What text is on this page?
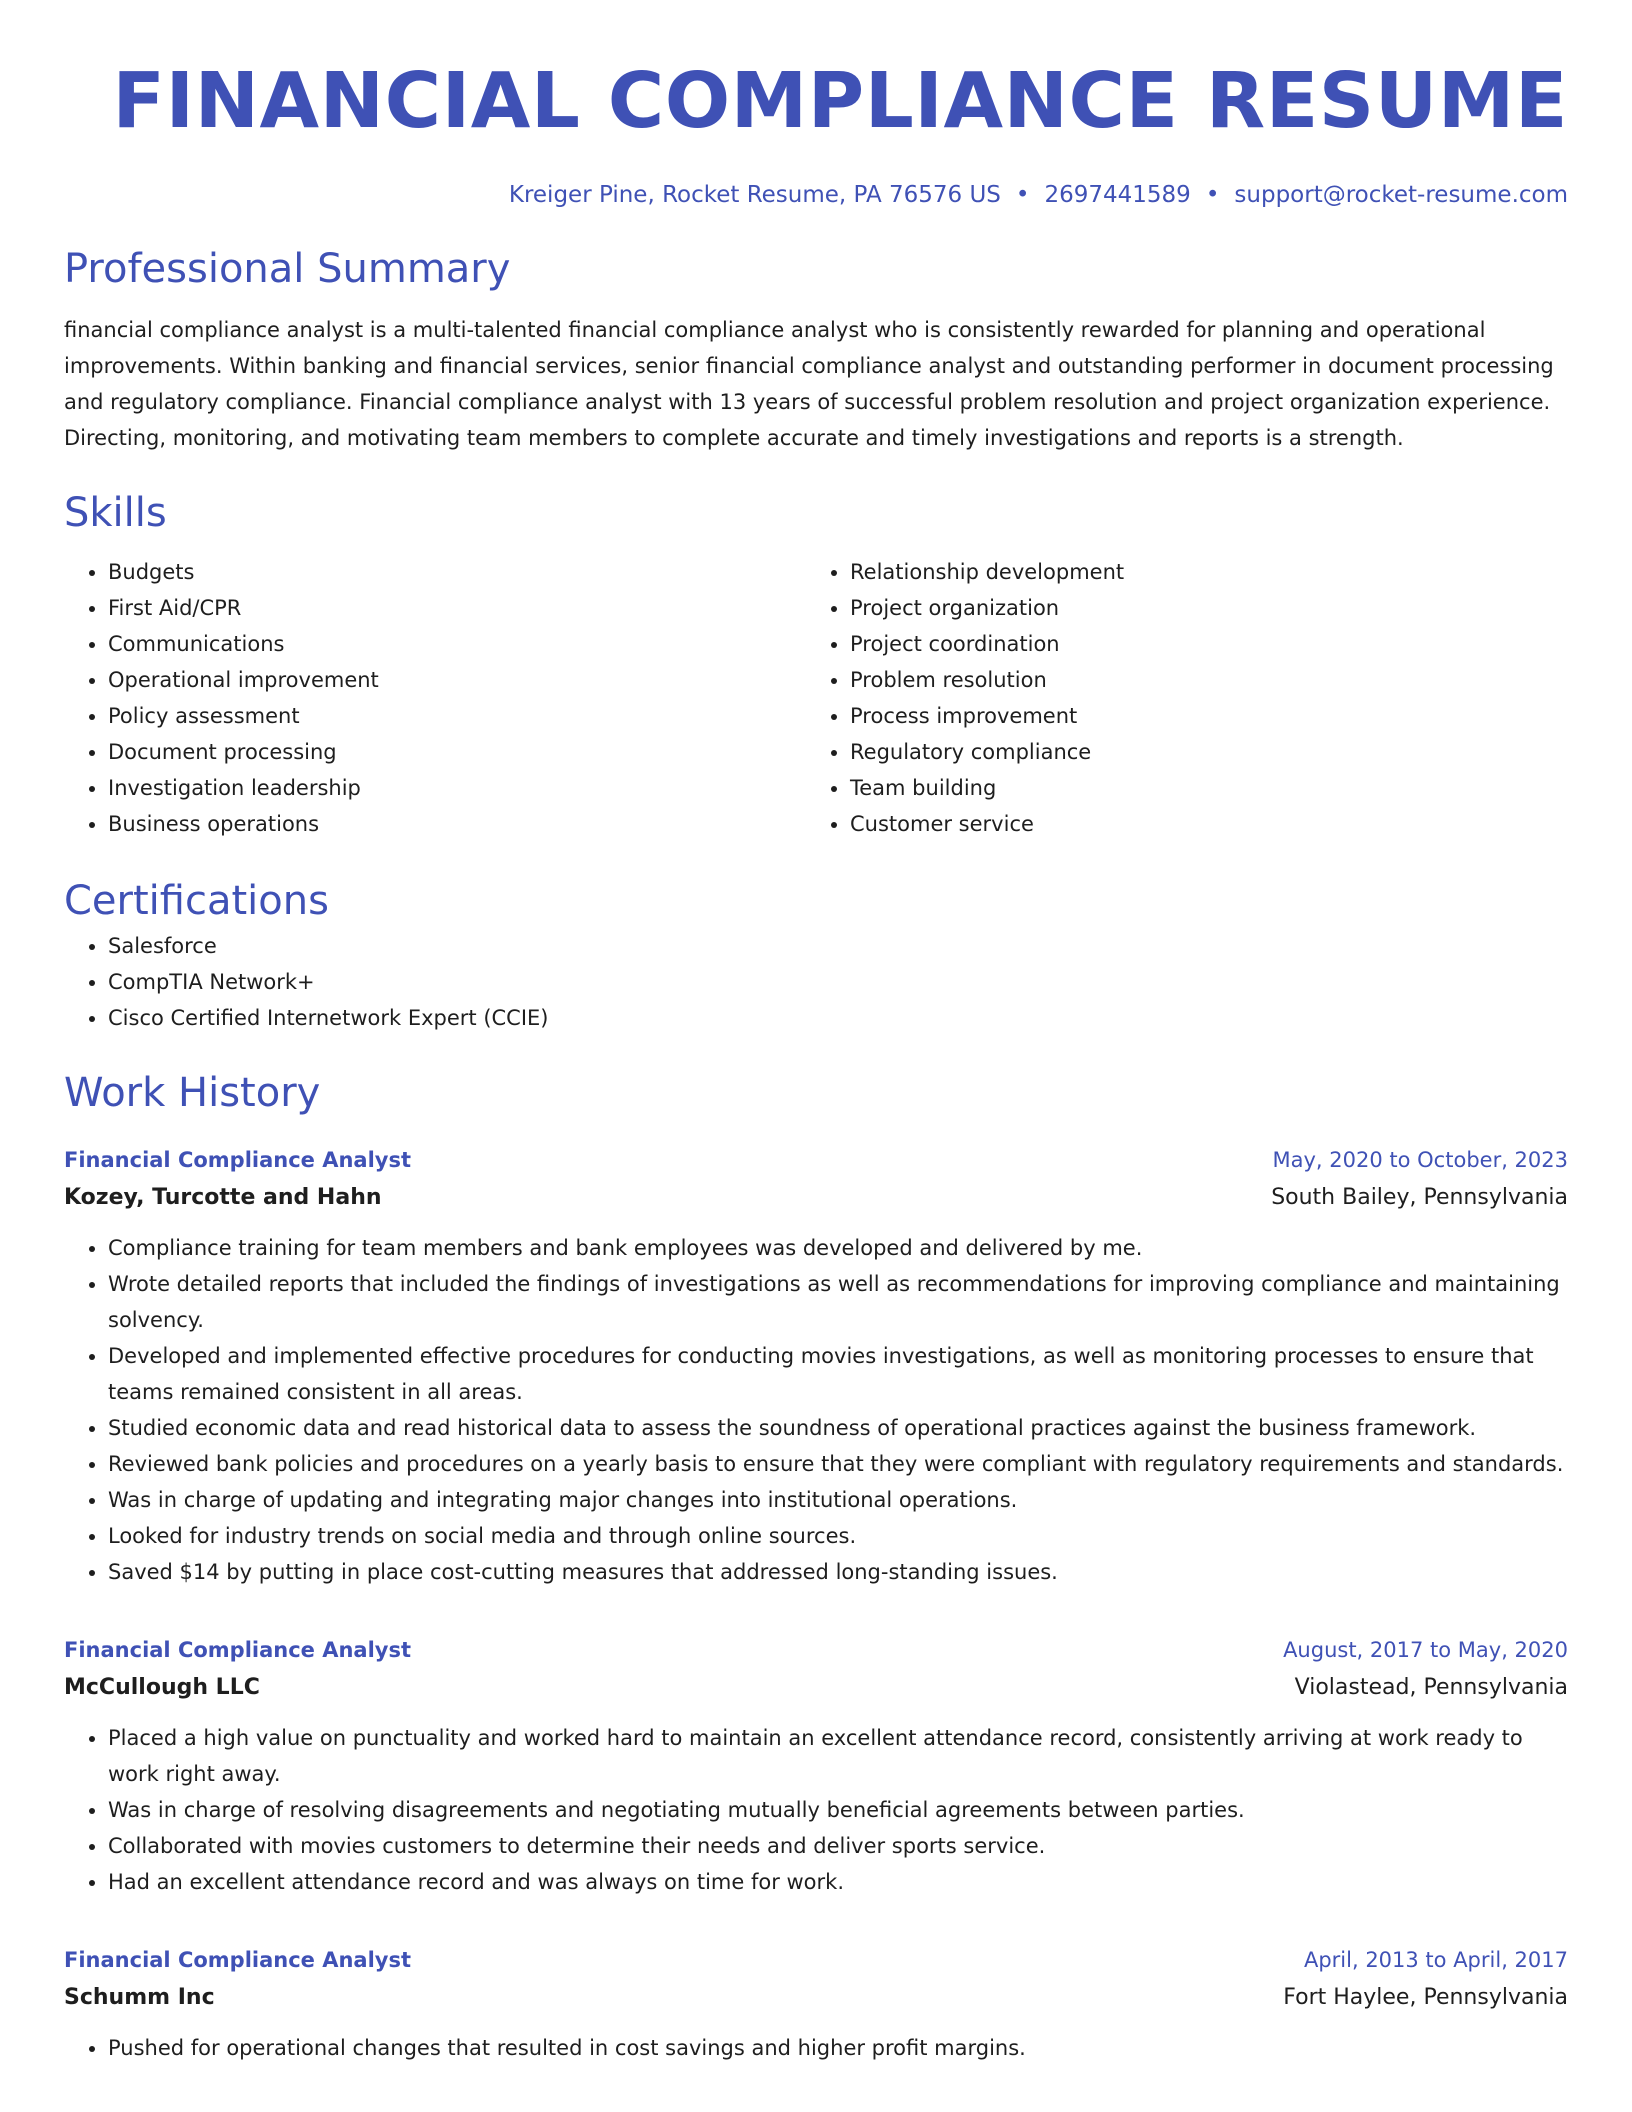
FINANCIAL COMPLIANCE RESUME
Kreiger Pine, Rocket Resume, PA 76576 US • 2697441589 • support@rocket-resume.com
Professional Summary
financial compliance analyst is a multi-talented financial compliance analyst who is consistently rewarded for planning and operational improvements. Within banking and financial services, senior financial compliance analyst and outstanding performer in document processing and regulatory compliance. Financial compliance analyst with 13 years of successful problem resolution and project organization experience. Directing, monitoring, and motivating team members to complete accurate and timely investigations and reports is a strength.
Skills
• Budgets
• First Aid/CPR
• Communications
• Operational improvement
• Policy assessment
• Document processing
• Investigation leadership
• Business operations
• Relationship development
• Project organization
• Project coordination
• Problem resolution
• Process improvement
• Regulatory compliance
• Team building
• Customer service
Certifications
• Salesforce
• CompTIA Network+
• Cisco Certified Internetwork Expert (CCIE)
Work History
Financial Compliance Analyst	May, 2020 to October, 2023
Kozey, Turcotte and Hahn	South Bailey, Pennsylvania
• Compliance training for team members and bank employees was developed and delivered by me.
• Wrote detailed reports that included the findings of investigations as well as recommendations for improving compliance and maintaining solvency.
• Developed and implemented effective procedures for conducting movies investigations, as well as monitoring processes to ensure that teams remained consistent in all areas.
• Studied economic data and read historical data to assess the soundness of operational practices against the business framework.
• Reviewed bank policies and procedures on a yearly basis to ensure that they were compliant with regulatory requirements and standards.
• Was in charge of updating and integrating major changes into institutional operations.
• Looked for industry trends on social media and through online sources.
• Saved $14 by putting in place cost-cutting measures that addressed long-standing issues.
Financial Compliance Analyst	August, 2017 to May, 2020
McCullough LLC	Violastead, Pennsylvania
• Placed a high value on punctuality and worked hard to maintain an excellent attendance record, consistently arriving at work ready to work right away.
• Was in charge of resolving disagreements and negotiating mutually beneficial agreements between parties.
• Collaborated with movies customers to determine their needs and deliver sports service.
• Had an excellent attendance record and was always on time for work.
Financial Compliance Analyst	April, 2013 to April, 2017
Schumm Inc	Fort Haylee, Pennsylvania
• Pushed for operational changes that resulted in cost savings and higher profit margins.
